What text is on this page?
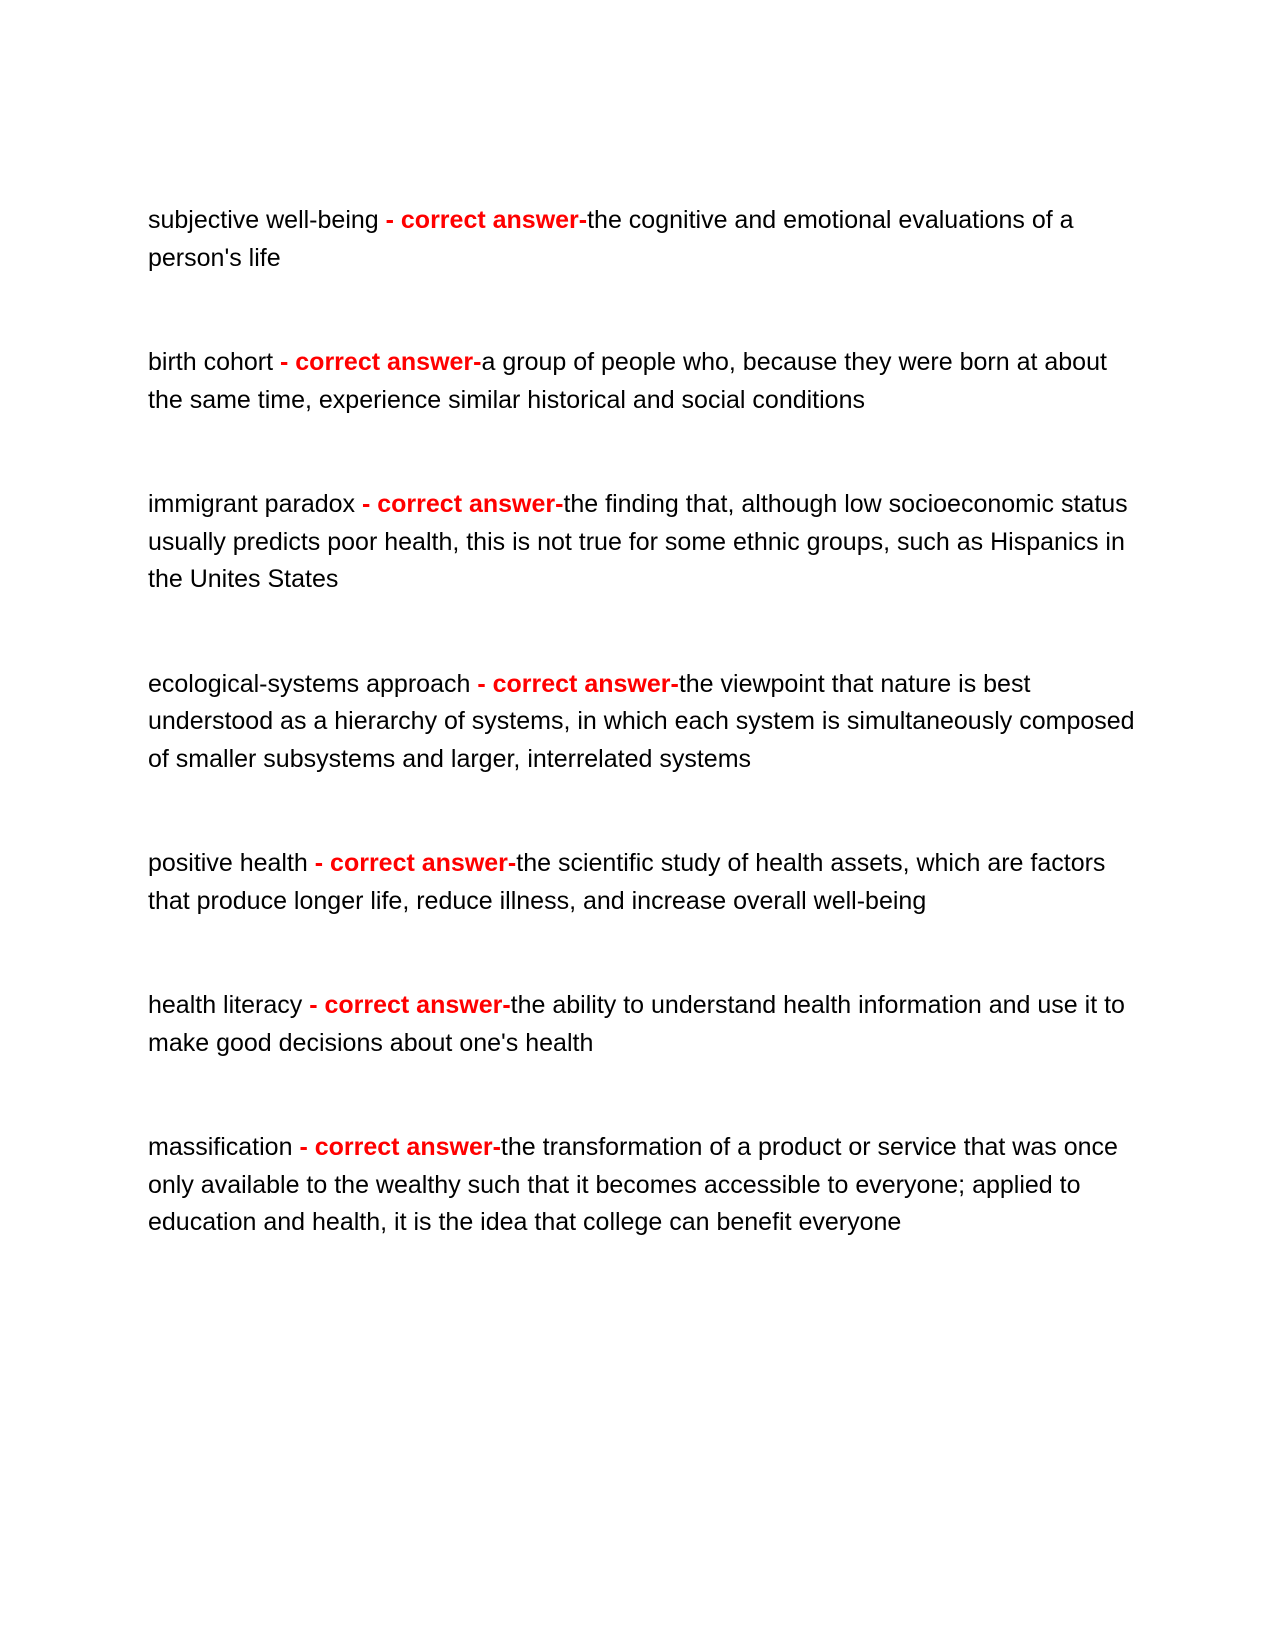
subjective well-being - correct answer-the cognitive and emotional evaluations of a person's life

birth cohort - correct answer-a group of people who, because they were born at about the same time, experience similar historical and social conditions

immigrant paradox - correct answer-the finding that, although low socioeconomic status usually predicts poor health, this is not true for some ethnic groups, such as Hispanics in the Unites States

ecological-systems approach - correct answer-the viewpoint that nature is best understood as a hierarchy of systems, in which each system is simultaneously composed of smaller subsystems and larger, interrelated systems

positive health - correct answer-the scientific study of health assets, which are factors that produce longer life, reduce illness, and increase overall well-being

health literacy - correct answer-the ability to understand health information and use it to make good decisions about one's health

massification - correct answer-the transformation of a product or service that was once only available to the wealthy such that it becomes accessible to everyone; applied to education and health, it is the idea that college can benefit everyone
